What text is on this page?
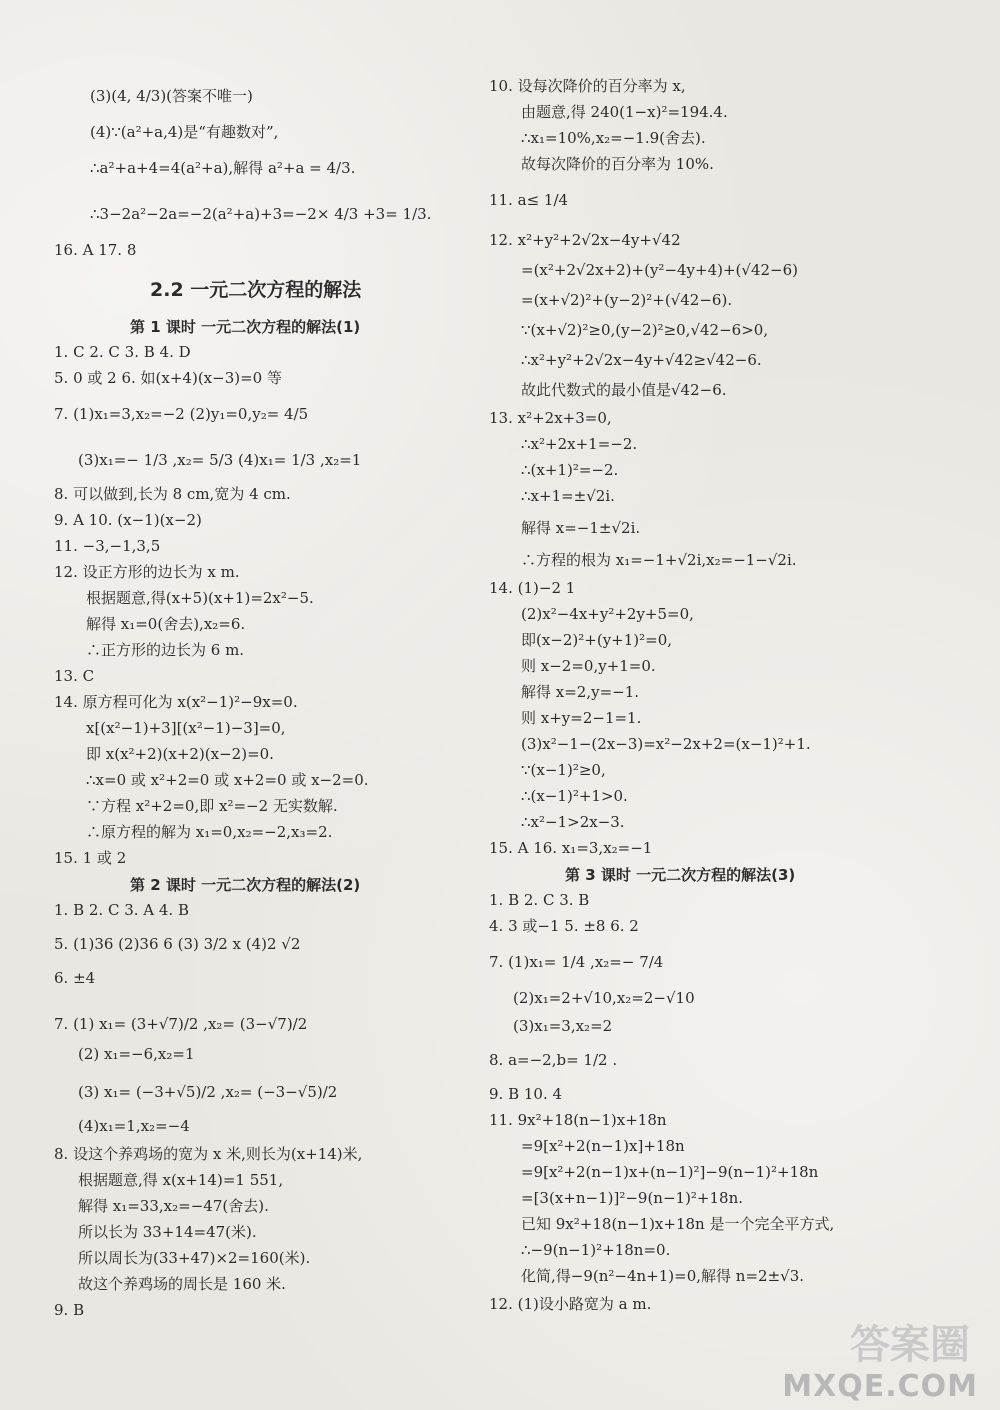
(3)(4, 4/3)(答案不唯一)
(4)∵(a²+a,4)是“有趣数对”,
∴a²+a+4=4(a²+a),解得 a²+a = 4/3.
∴3−2a²−2a=−2(a²+a)+3=−2× 4/3 +3= 1/3.
16. A 17. 8
2.2 一元二次方程的解法
第 1 课时 一元二次方程的解法(1)
1. C 2. C 3. B 4. D
5. 0 或 2 6. 如(x+4)(x−3)=0 等
7. (1)x₁=3,x₂=−2 (2)y₁=0,y₂= 4/5
(3)x₁=− 1/3 ,x₂= 5/3 (4)x₁= 1/3 ,x₂=1
8. 可以做到,长为 8 cm,宽为 4 cm.
9. A 10. (x−1)(x−2)
11. −3,−1,3,5
12. 设正方形的边长为 x m.
根据题意,得(x+5)(x+1)=2x²−5.
解得 x₁=0(舍去),x₂=6.
∴正方形的边长为 6 m.
13. C
14. 原方程可化为 x(x²−1)²−9x=0.
x[(x²−1)+3][(x²−1)−3]=0,
即 x(x²+2)(x+2)(x−2)=0.
∴x=0 或 x²+2=0 或 x+2=0 或 x−2=0.
∵方程 x²+2=0,即 x²=−2 无实数解.
∴原方程的解为 x₁=0,x₂=−2,x₃=2.
15. 1 或 2
第 2 课时 一元二次方程的解法(2)
1. B 2. C 3. A 4. B
5. (1)36 (2)36 6 (3) 3/2 x (4)2 √2
6. ±4
7. (1) x₁= (3+√7)/2 ,x₂= (3−√7)/2
(2) x₁=−6,x₂=1
(3) x₁= (−3+√5)/2 ,x₂= (−3−√5)/2
(4)x₁=1,x₂=−4
8. 设这个养鸡场的宽为 x 米,则长为(x+14)米,
根据题意,得 x(x+14)=1 551,
解得 x₁=33,x₂=−47(舍去).
所以长为 33+14=47(米).
所以周长为(33+47)×2=160(米).
故这个养鸡场的周长是 160 米.
9. B
10. 设每次降价的百分率为 x,
由题意,得 240(1−x)²=194.4.
∴x₁=10%,x₂=−1.9(舍去).
故每次降价的百分率为 10%.
11. a≤ 1/4
12. x²+y²+2√2x−4y+√42
=(x²+2√2x+2)+(y²−4y+4)+(√42−6)
=(x+√2)²+(y−2)²+(√42−6).
∵(x+√2)²≥0,(y−2)²≥0,√42−6>0,
∴x²+y²+2√2x−4y+√42≥√42−6.
故此代数式的最小值是√42−6.
13. x²+2x+3=0,
∴x²+2x+1=−2.
∴(x+1)²=−2.
∴x+1=±√2i.
解得 x=−1±√2i.
∴方程的根为 x₁=−1+√2i,x₂=−1−√2i.
14. (1)−2 1
(2)x²−4x+y²+2y+5=0,
即(x−2)²+(y+1)²=0,
则 x−2=0,y+1=0.
解得 x=2,y=−1.
则 x+y=2−1=1.
(3)x²−1−(2x−3)=x²−2x+2=(x−1)²+1.
∵(x−1)²≥0,
∴(x−1)²+1>0.
∴x²−1>2x−3.
15. A 16. x₁=3,x₂=−1
第 3 课时 一元二次方程的解法(3)
1. B 2. C 3. B
4. 3 或−1 5. ±8 6. 2
7. (1)x₁= 1/4 ,x₂=− 7/4
(2)x₁=2+√10,x₂=2−√10
(3)x₁=3,x₂=2
8. a=−2,b= 1/2 .
9. B 10. 4
11. 9x²+18(n−1)x+18n
=9[x²+2(n−1)x]+18n
=9[x²+2(n−1)x+(n−1)²]−9(n−1)²+18n
=[3(x+n−1)]²−9(n−1)²+18n.
已知 9x²+18(n−1)x+18n 是一个完全平方式,
∴−9(n−1)²+18n=0.
化简,得−9(n²−4n+1)=0,解得 n=2±√3.
12. (1)设小路宽为 a m.
答案圈
MXQE.COM
